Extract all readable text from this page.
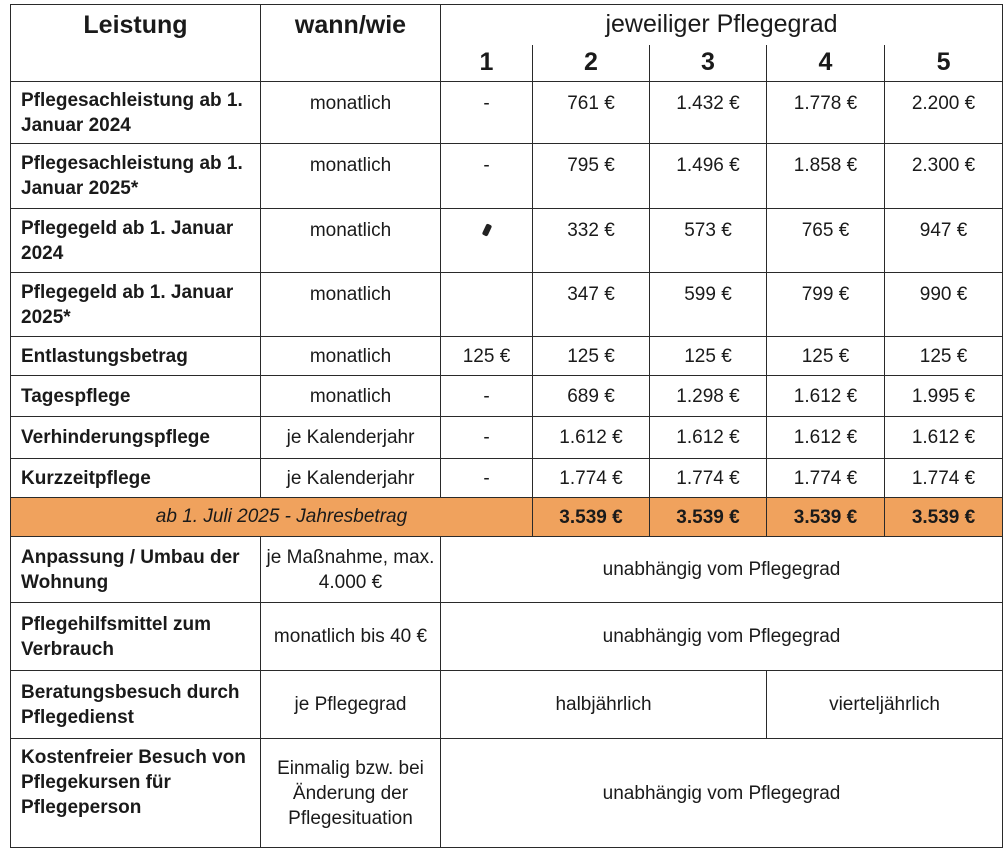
Leistung	wann/wie	jeweiliger Pflegegrad				
		1	2	3	4	5
Pflegesachleistung ab 1. Januar 2024	monatlich	-	761 €	1.432 €	1.778 €	2.200 €
Pflegesachleistung ab 1. Januar 2025*	monatlich	-	795 €	1.496 €	1.858 €	2.300 €
Pflegegeld ab 1. Januar 2024	monatlich		332 €	573 €	765 €	947 €
Pflegegeld ab 1. Januar 2025*	monatlich		347 €	599 €	799 €	990 €
Entlastungsbetrag	monatlich	125 €	125 €	125 €	125 €	125 €
Tagespflege	monatlich	-	689 €	1.298 €	1.612 €	1.995 €
Verhinderungspflege	je Kalenderjahr	-	1.612 €	1.612 €	1.612 €	1.612 €
Kurzzeitpflege	je Kalenderjahr	-	1.774 €	1.774 €	1.774 €	1.774 €
ab 1. Juli 2025 - Jahresbetrag			3.539 €	3.539 €	3.539 €	3.539 €
Anpassung / Umbau der Wohnung	je Maßnahme, max. 4.000 €	unabhängig vom Pflegegrad				
Pflegehilfsmittel zum Verbrauch	monatlich bis 40 €	unabhängig vom Pflegegrad				
Beratungsbesuch durch Pflegedienst	je Pflegegrad	halbjährlich			vierteljährlich	
Kostenfreier Besuch von Pflegekursen für Pflegeperson	Einmalig bzw. bei Änderung der Pflegesituation	unabhängig vom Pflegegrad				
